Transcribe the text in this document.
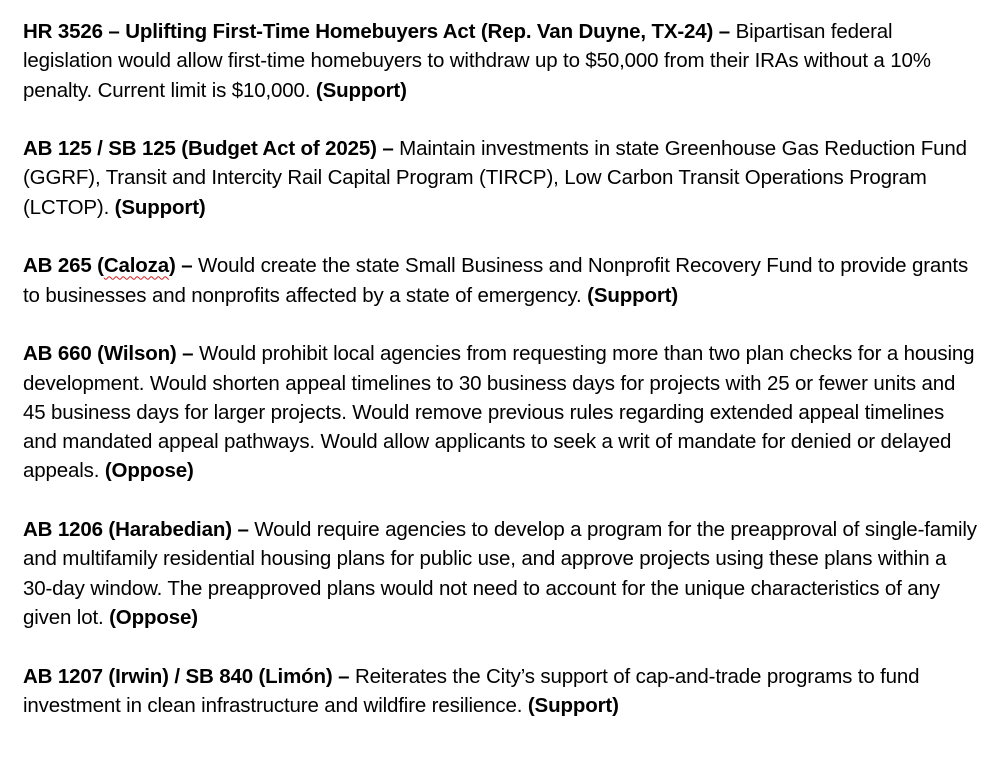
HR 3526 – Uplifting First-Time Homebuyers Act (Rep. Van Duyne, TX-24) – Bipartisan federal legislation would allow first-time homebuyers to withdraw up to $50,000 from their IRAs without a 10% penalty. Current limit is $10,000. (Support)

AB 125 / SB 125 (Budget Act of 2025) – Maintain investments in state Greenhouse Gas Reduction Fund (GGRF), Transit and Intercity Rail Capital Program (TIRCP), Low Carbon Transit Operations Program (LCTOP). (Support)

AB 265 (Caloza) – Would create the state Small Business and Nonprofit Recovery Fund to provide grants to businesses and nonprofits affected by a state of emergency. (Support)

AB 660 (Wilson) – Would prohibit local agencies from requesting more than two plan checks for a housing development. Would shorten appeal timelines to 30 business days for projects with 25 or fewer units and 45 business days for larger projects. Would remove previous rules regarding extended appeal timelines and mandated appeal pathways. Would allow applicants to seek a writ of mandate for denied or delayed appeals. (Oppose)

AB 1206 (Harabedian) – Would require agencies to develop a program for the preapproval of single-family and multifamily residential housing plans for public use, and approve projects using these plans within a 30-day window. The preapproved plans would not need to account for the unique characteristics of any given lot. (Oppose)

AB 1207 (Irwin) / SB 840 (Limón) – Reiterates the City’s support of cap-and-trade programs to fund investment in clean infrastructure and wildfire resilience. (Support)
